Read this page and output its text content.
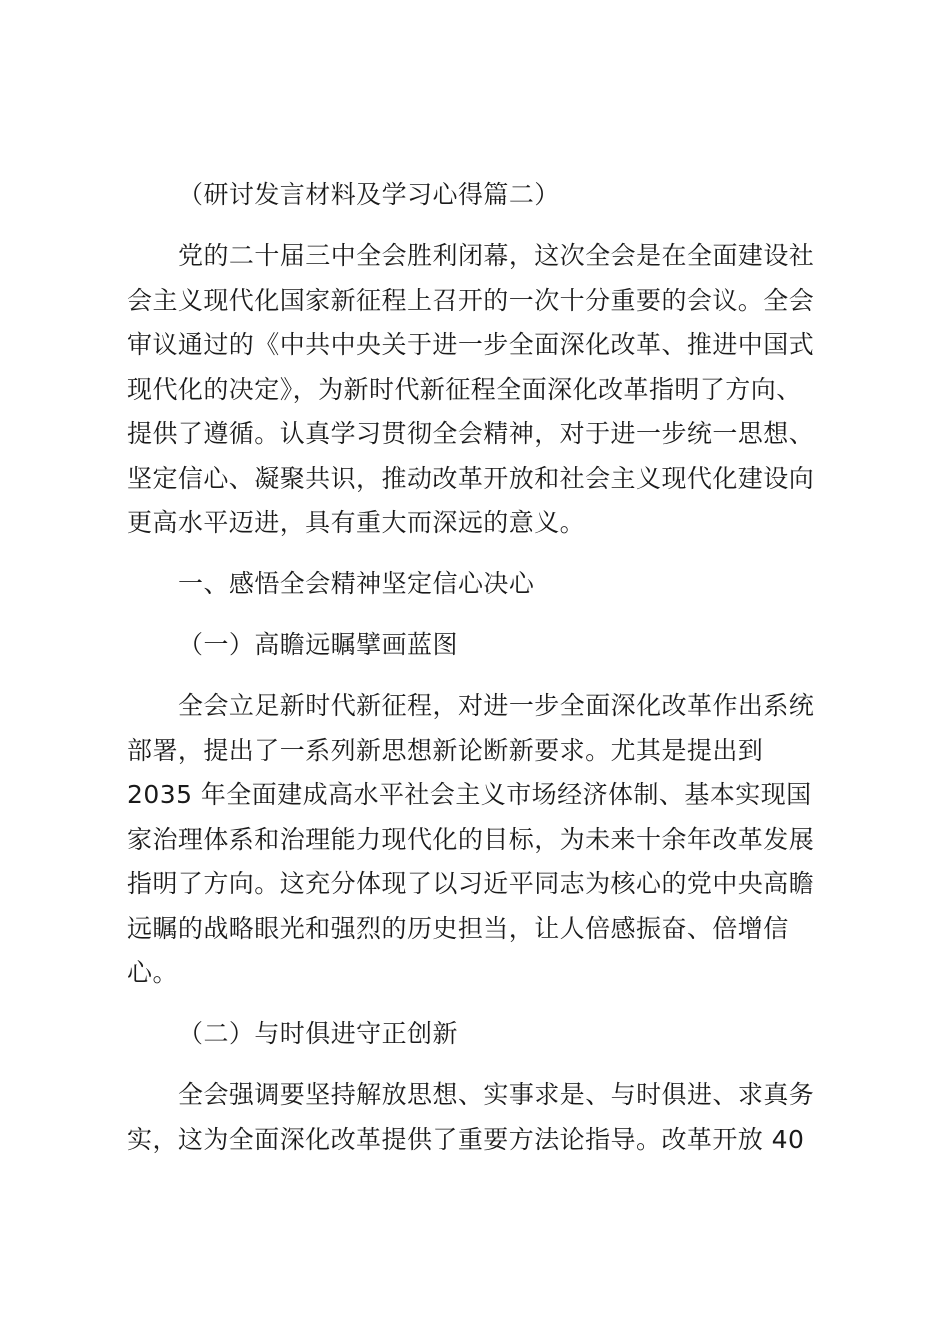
（研讨发言材料及学习心得篇二）
党的二十届三中全会胜利闭幕，这次全会是在全面建设社
会主义现代化国家新征程上召开的一次十分重要的会议。全会
审议通过的《中共中央关于进一步全面深化改革、推进中国式
现代化的决定》，为新时代新征程全面深化改革指明了方向、
提供了遵循。认真学习贯彻全会精神，对于进一步统一思想、
坚定信心、凝聚共识，推动改革开放和社会主义现代化建设向
更高水平迈进，具有重大而深远的意义。
一、感悟全会精神坚定信心决心
（一）高瞻远瞩擘画蓝图
全会立足新时代新征程，对进一步全面深化改革作出系统
部署，提出了一系列新思想新论断新要求。尤其是提出到
2035 年全面建成高水平社会主义市场经济体制、基本实现国
家治理体系和治理能力现代化的目标，为未来十余年改革发展
指明了方向。这充分体现了以习近平同志为核心的党中央高瞻
远瞩的战略眼光和强烈的历史担当，让人倍感振奋、倍增信
心。
（二）与时俱进守正创新
全会强调要坚持解放思想、实事求是、与时俱进、求真务
实，这为全面深化改革提供了重要方法论指导。改革开放 40
